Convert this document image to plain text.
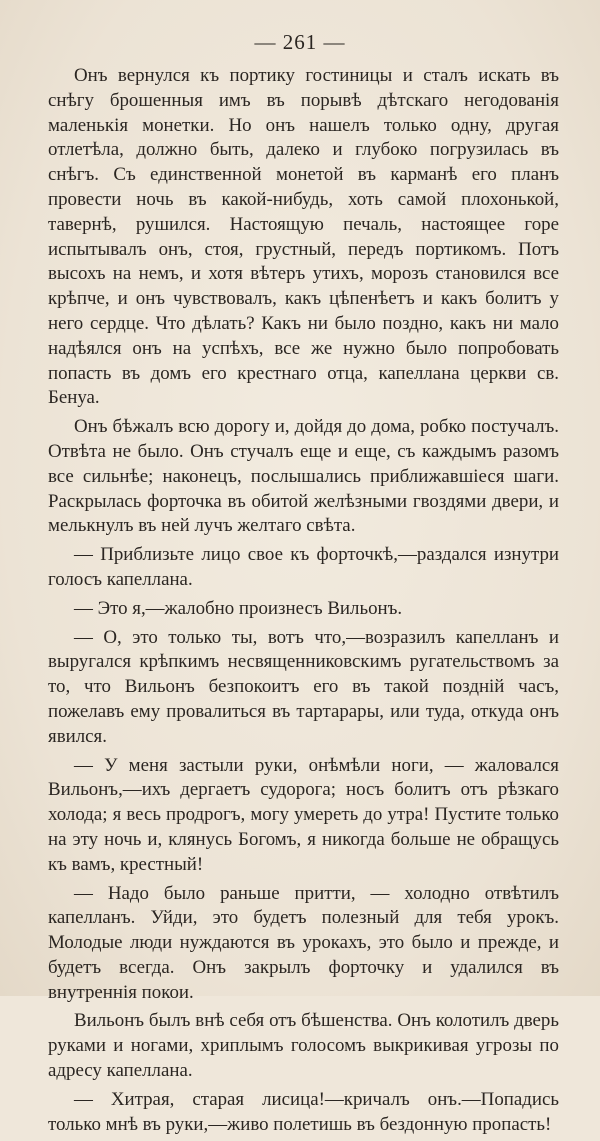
— 261 —

Онъ вернулся къ портику гостиницы и сталъ искать въ снѣгу брошенныя имъ въ порывѣ дѣтскаго негодованія маленькія монетки. Но онъ нашелъ только одну, другая отлетѣла, должно быть, далеко и глубоко погрузилась въ снѣгъ. Съ единственной монетой въ карманѣ его планъ провести ночь въ какой-нибудь, хоть самой плохонькой, тавернѣ, рушился. Настоящую печаль, настоящее горе испытывалъ онъ, стоя, грустный, передъ портикомъ. Потъ высохъ на немъ, и хотя вѣтеръ утихъ, морозъ становился все крѣпче, и онъ чувствовалъ, какъ цѣпенѣетъ и какъ болитъ у него сердце. Что дѣлать? Какъ ни было поздно, какъ ни мало надѣялся онъ на успѣхъ, все же нужно было попробовать попасть въ домъ его крестнаго отца, капеллана церкви св. Бенуа.

Онъ бѣжалъ всю дорогу и, дойдя до дома, робко постучалъ. Отвѣта не было. Онъ стучалъ еще и еще, съ каждымъ разомъ все сильнѣе; наконецъ, послышались приближавшіеся шаги. Раскрылась форточка въ обитой желѣзными гвоздями двери, и мелькнулъ въ ней лучъ желтаго свѣта.

— Приблизьте лицо свое къ форточкѣ,—раздался изнутри голосъ капеллана.

— Это я,—жалобно произнесъ Вильонъ.

— О, это только ты, вотъ что,—возразилъ капелланъ и выругался крѣпкимъ несвященниковскимъ ругательствомъ за то, что Вильонъ безпокоитъ его въ такой поздній часъ, пожелавъ ему провалиться въ тартарары, или туда, откуда онъ явился.

— У меня застыли руки, онѣмѣли ноги, — жаловался Вильонъ,—ихъ дергаетъ судорога; носъ болитъ отъ рѣзкаго холода; я весь продрогъ, могу умереть до утра! Пустите только на эту ночь и, клянусь Богомъ, я никогда больше не обращусь къ вамъ, крестный!

— Надо было раньше притти, — холодно отвѣтилъ капелланъ. Уйди, это будетъ полезный для тебя урокъ. Молодые люди нуждаются въ урокахъ, это было и прежде, и будетъ всегда. Онъ закрылъ форточку и удалился въ внутреннія покои.

Вильонъ былъ внѣ себя отъ бѣшенства. Онъ колотилъ дверь руками и ногами, хриплымъ голосомъ выкрикивая угрозы по адресу капеллана.

— Хитрая, старая лисица!—кричалъ онъ.—Попадись только мнѣ въ руки,—живо полетишь въ бездонную пропасть!
